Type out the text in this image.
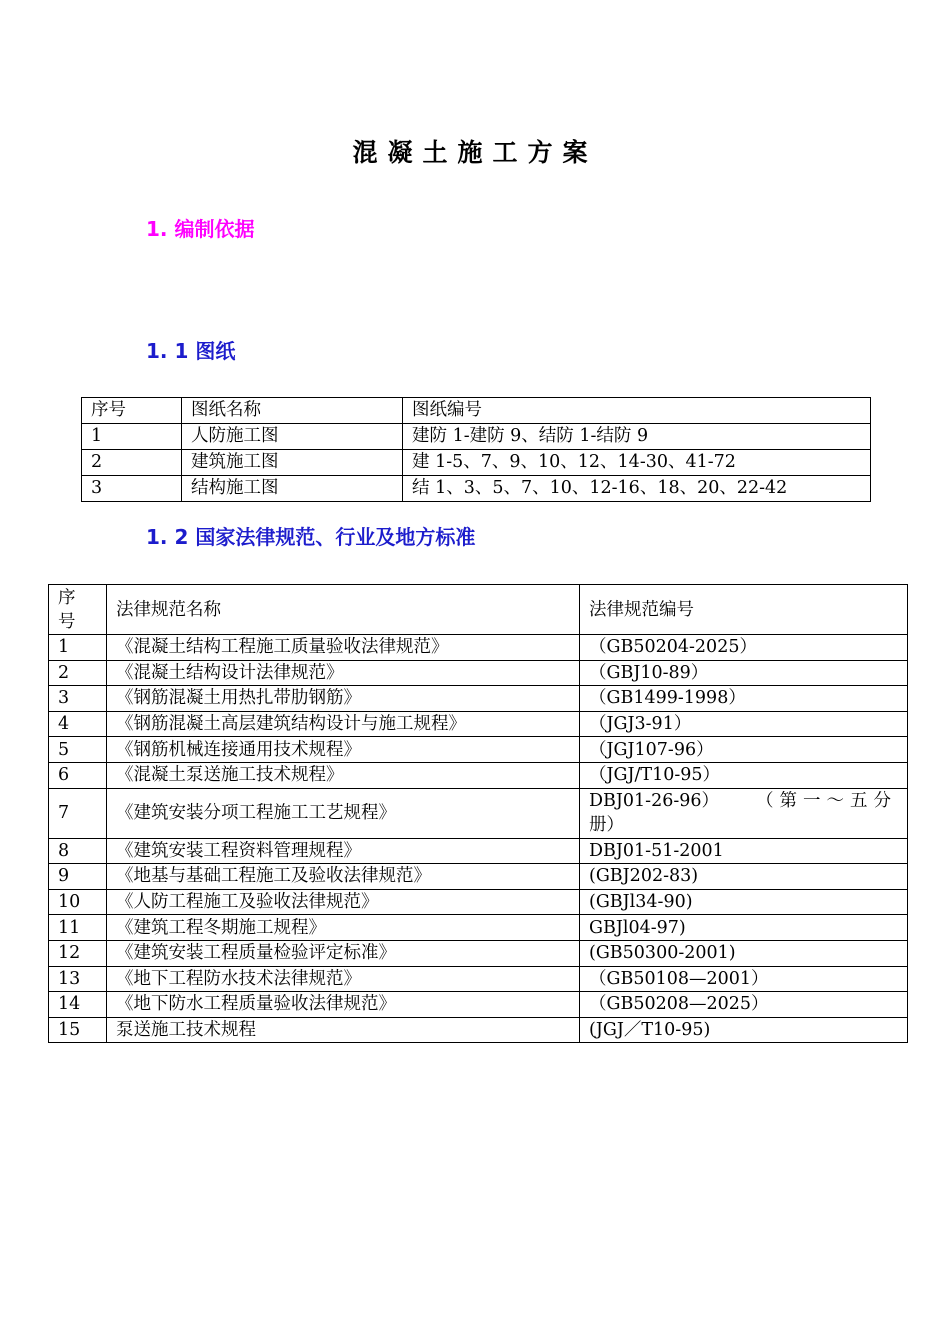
混凝土施工方案
1. 编制依据
1. 1 图纸
序号	图纸名称	图纸编号
1	人防施工图	建防 1-建防 9、结防 1-结防 9
2	建筑施工图	建 1-5、7、9、10、12、14-30、41-72
3	结构施工图	结 1、3、5、7、10、12-16、18、20、22-42
1. 2 国家法律规范、行业及地方标准
序
号	法律规范名称	法律规范编号
1	《混凝土结构工程施工质量验收法律规范》	（GB50204-2025）
2	《混凝土结构设计法律规范》	（GBJ10-89）
3	《钢筋混凝土用热扎带肋钢筋》	（GB1499-1998）
4	《钢筋混凝土高层建筑结构设计与施工规程》	（JGJ3-91）
5	《钢筋机械连接通用技术规程》	（JGJ107-96）
6	《混凝土泵送施工技术规程》	（JGJ/T10-95）
7	《建筑安装分项工程施工工艺规程》	DBJ01-26-96） （第一～五分
册）

8	《建筑安装工程资料管理规程》	DBJ01-51-2001
9	《地基与基础工程施工及验收法律规范》	(GBJ202-83)
10	《人防工程施工及验收法律规范》	(GBJl34-90)
11	《建筑工程冬期施工规程》	GBJl04-97)
12	《建筑安装工程质量检验评定标准》	(GB50300-2001)
13	《地下工程防水技术法律规范》	（GB50108—2001）
14	《地下防水工程质量验收法律规范》	（GB50208—2025）
15	泵送施工技术规程	(JGJ／T10-95)
